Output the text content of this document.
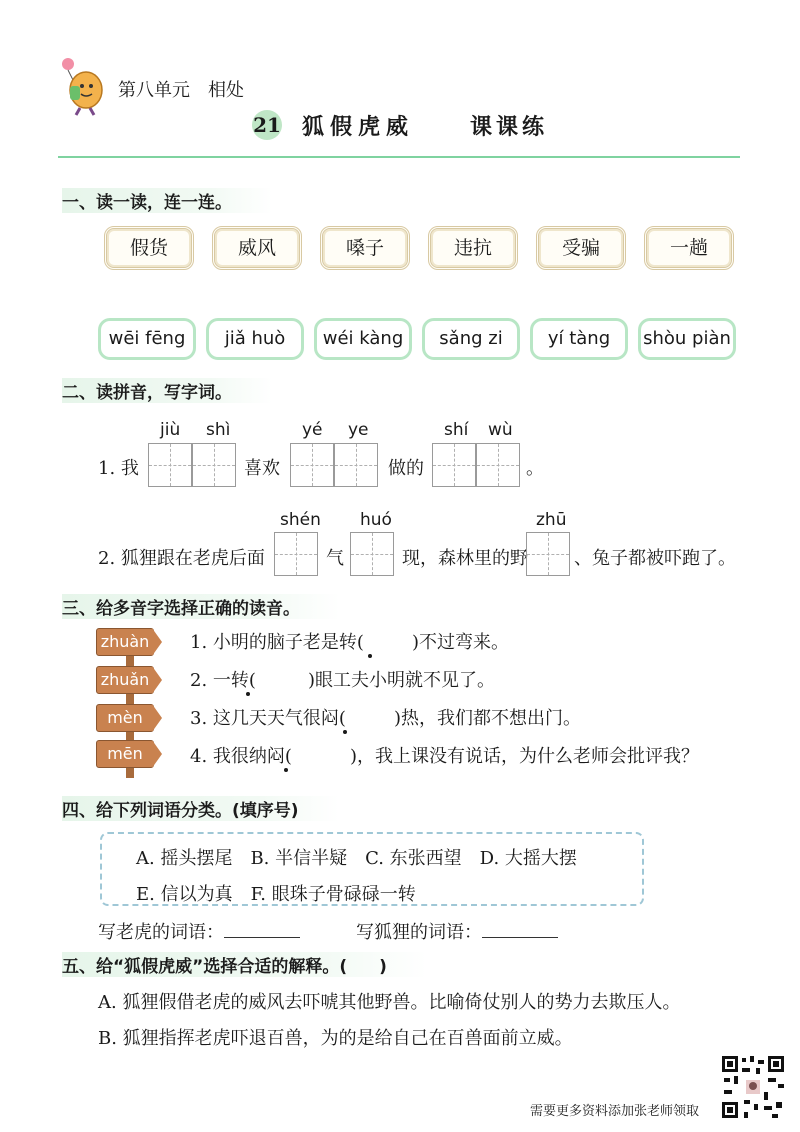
第八单元　相处
21 狐假虎威	课课练
一、读一读，连一连。
假货	威风	嗓子	违抗	受骗	一趟
wēi fēng	jiǎ huò	wéi kàng	sǎng zi	yí tàng	shòu piàn
二、读拼音，写字词。
jiù shì	yé ye	shí wù
1. 我	喜欢	做的	。
shén huó	zhū
2. 狐狸跟在老虎后面	气	现，森林里的野	、兔子都被吓跑了。
三、给多音字选择正确的读音。
zhuàn
zhuǎn
mèn
mēn
1. 小明的脑子老是转(	)不过弯来。
2. 一转(	)眼工夫小明就不见了。
3. 这几天天气很闷(	)热，我们都不想出门。
4. 我很纳闷(	)，我上课没有说话，为什么老师会批评我？
四、给下列词语分类。(填序号)
A. 摇头摆尾　B. 半信半疑　C. 东张西望　D. 大摇大摆
E. 信以为真　F. 眼珠子骨碌碌一转
写老虎的词语：	写狐狸的词语：
五、给“狐假虎威”选择合适的解释。( )
A. 狐狸假借老虎的威风去吓唬其他野兽。比喻倚仗别人的势力去欺压人。
B. 狐狸指挥老虎吓退百兽，为的是给自己在百兽面前立威。
需要更多资料添加张老师领取
